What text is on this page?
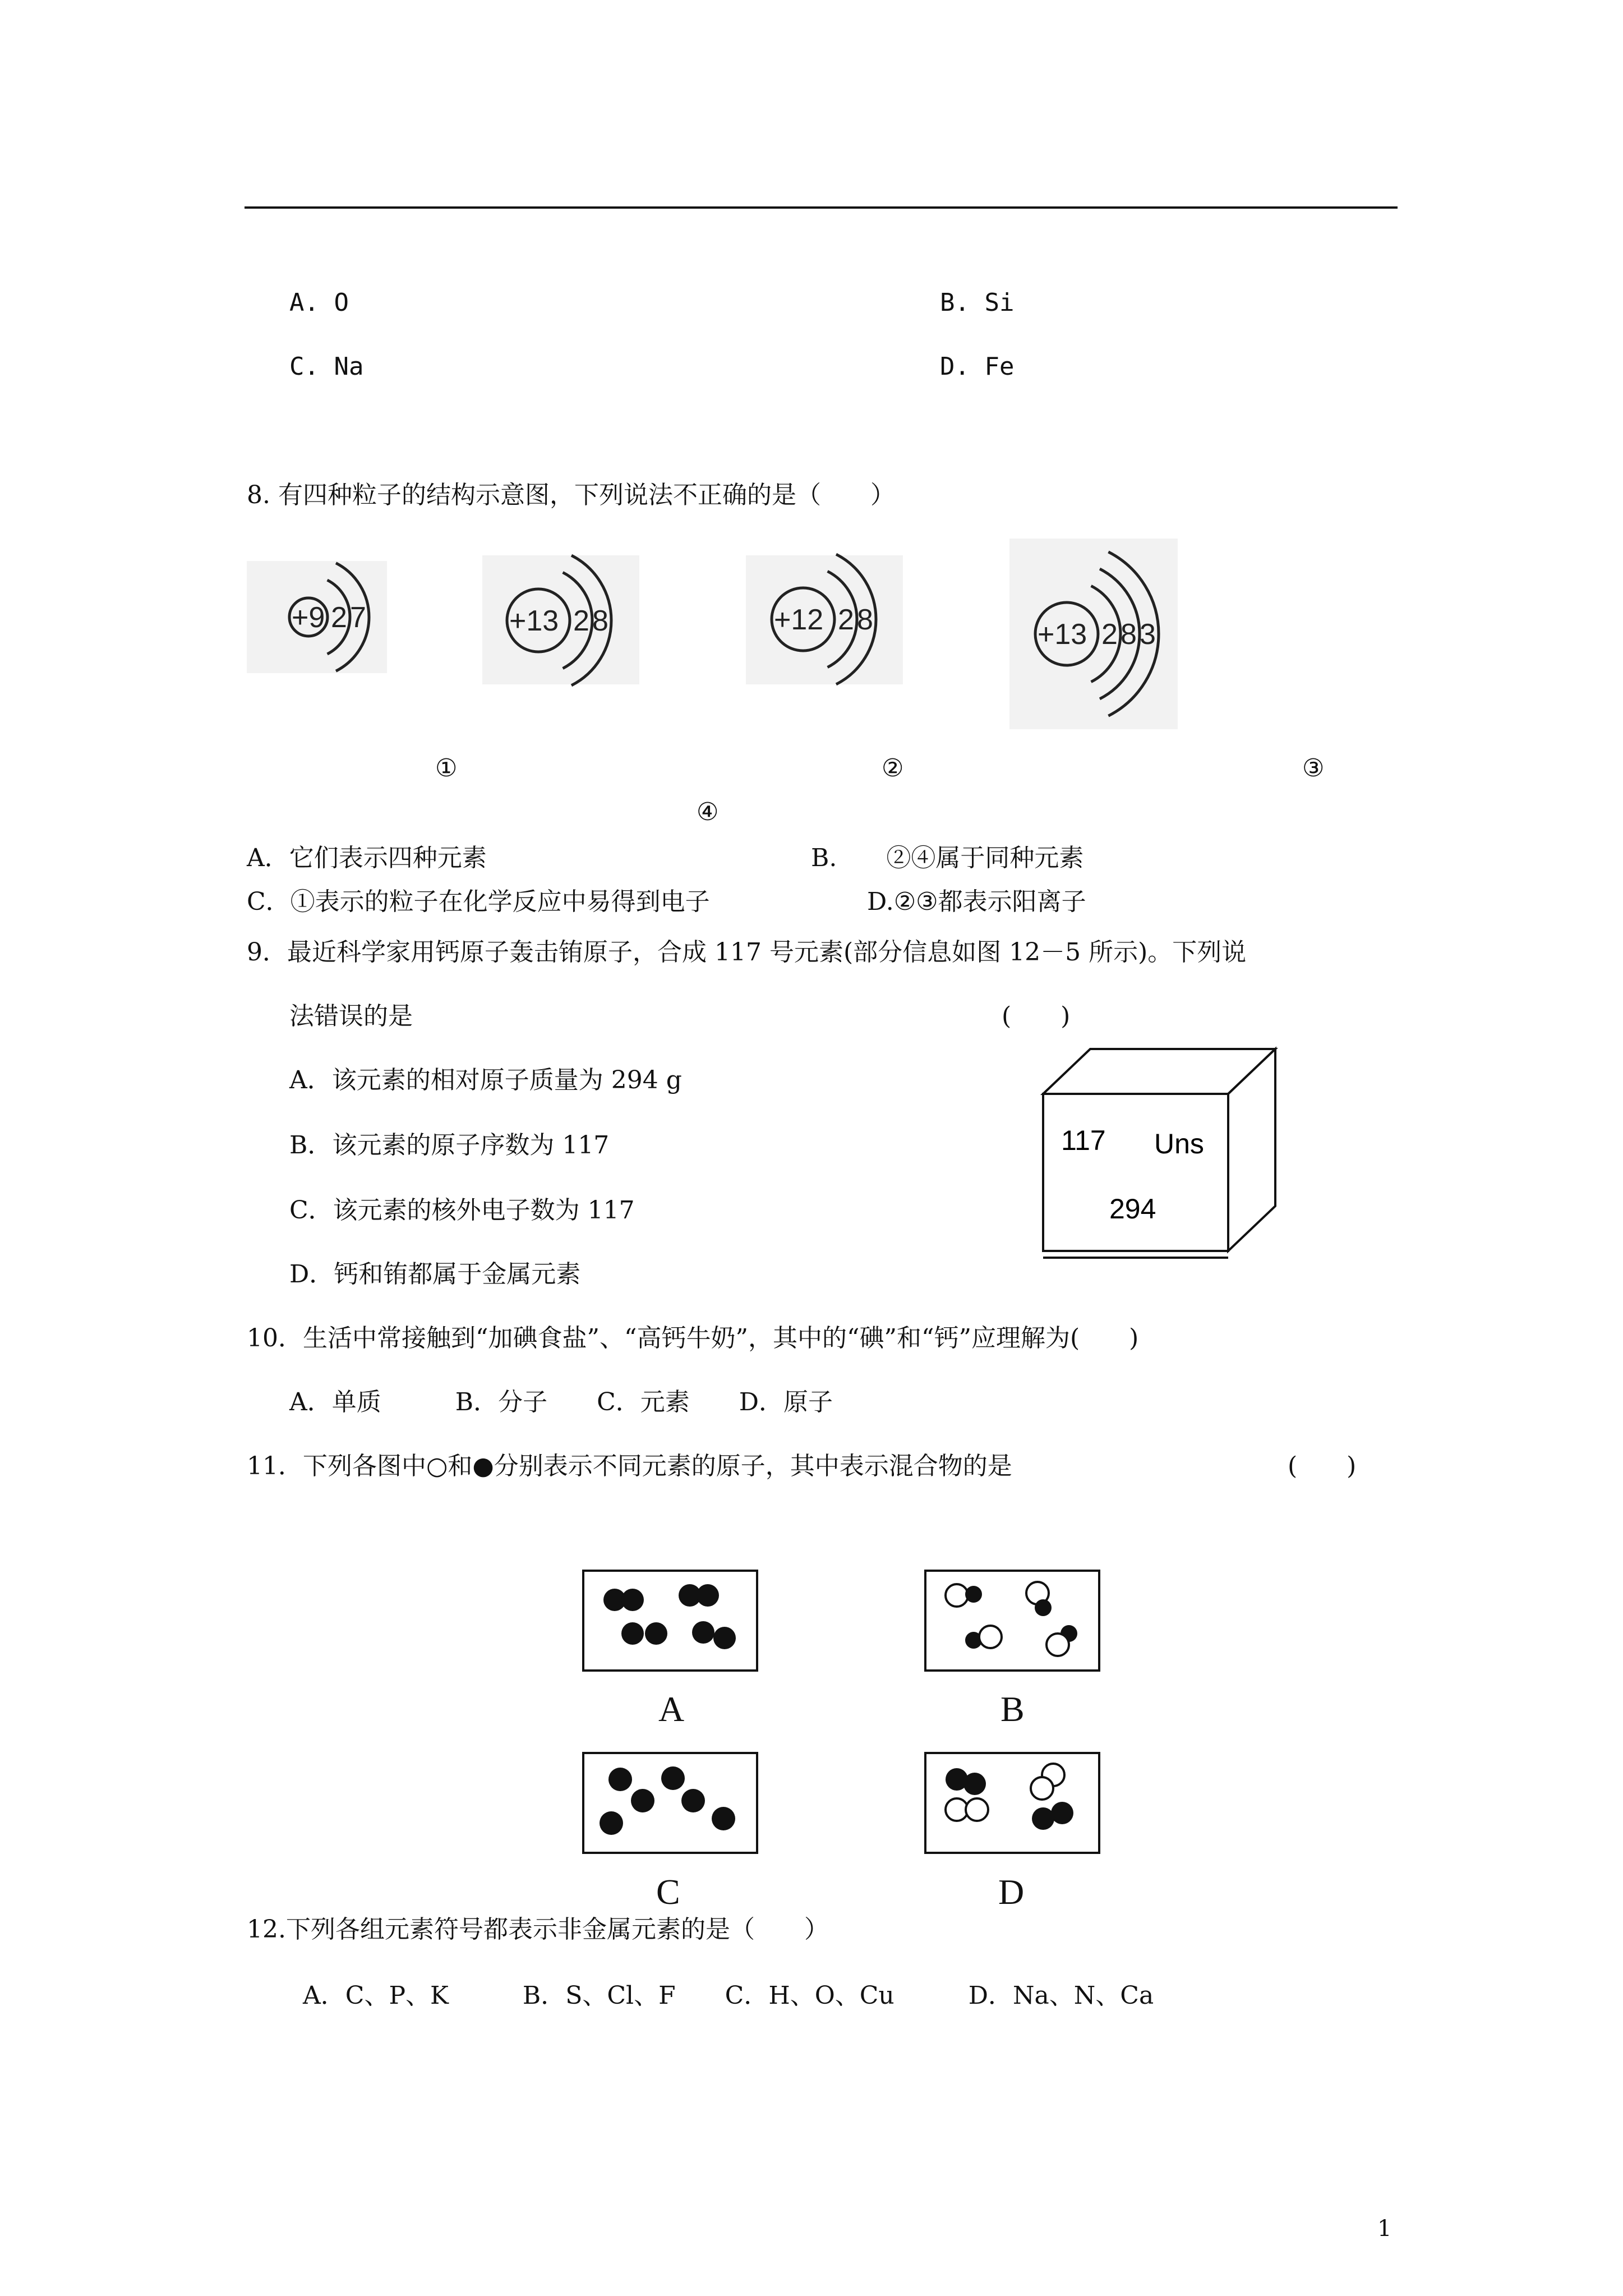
A. O	B. Si
C. Na	D. Fe
8. 有四种粒子的结构示意图，下列说法不正确的是（　　）
+9 2 7	+13 2 8	+12 2 8	+13 2 8 3
①	②	③
④
A．它们表示四种元素	B.　　②④属于同种元素
C．①表示的粒子在化学反应中易得到电子	D.②③都表示阳离子
9．最近科学家用钙原子轰击铕原子，合成 117 号元素(部分信息如图 12－5 所示)。下列说
法错误的是	(　　)
A．该元素的相对原子质量为 294 g
B．该元素的原子序数为 117
C．该元素的核外电子数为 117
D．钙和铕都属于金属元素
117 Uns
294
10．生活中常接触到“加碘食盐”、“高钙牛奶”，其中的“碘”和“钙”应理解为(　　)
A．单质　　　B．分子　　C．元素　　D．原子
11．下列各图中○和●分别表示不同元素的原子，其中表示混合物的是	(　　)
A	B
C	D
12.下列各组元素符号都表示非金属元素的是（　　）
A．C、P、K　　　B．S、Cl、F　　C．H、O、Cu　　　D．Na、N、Ca
1
